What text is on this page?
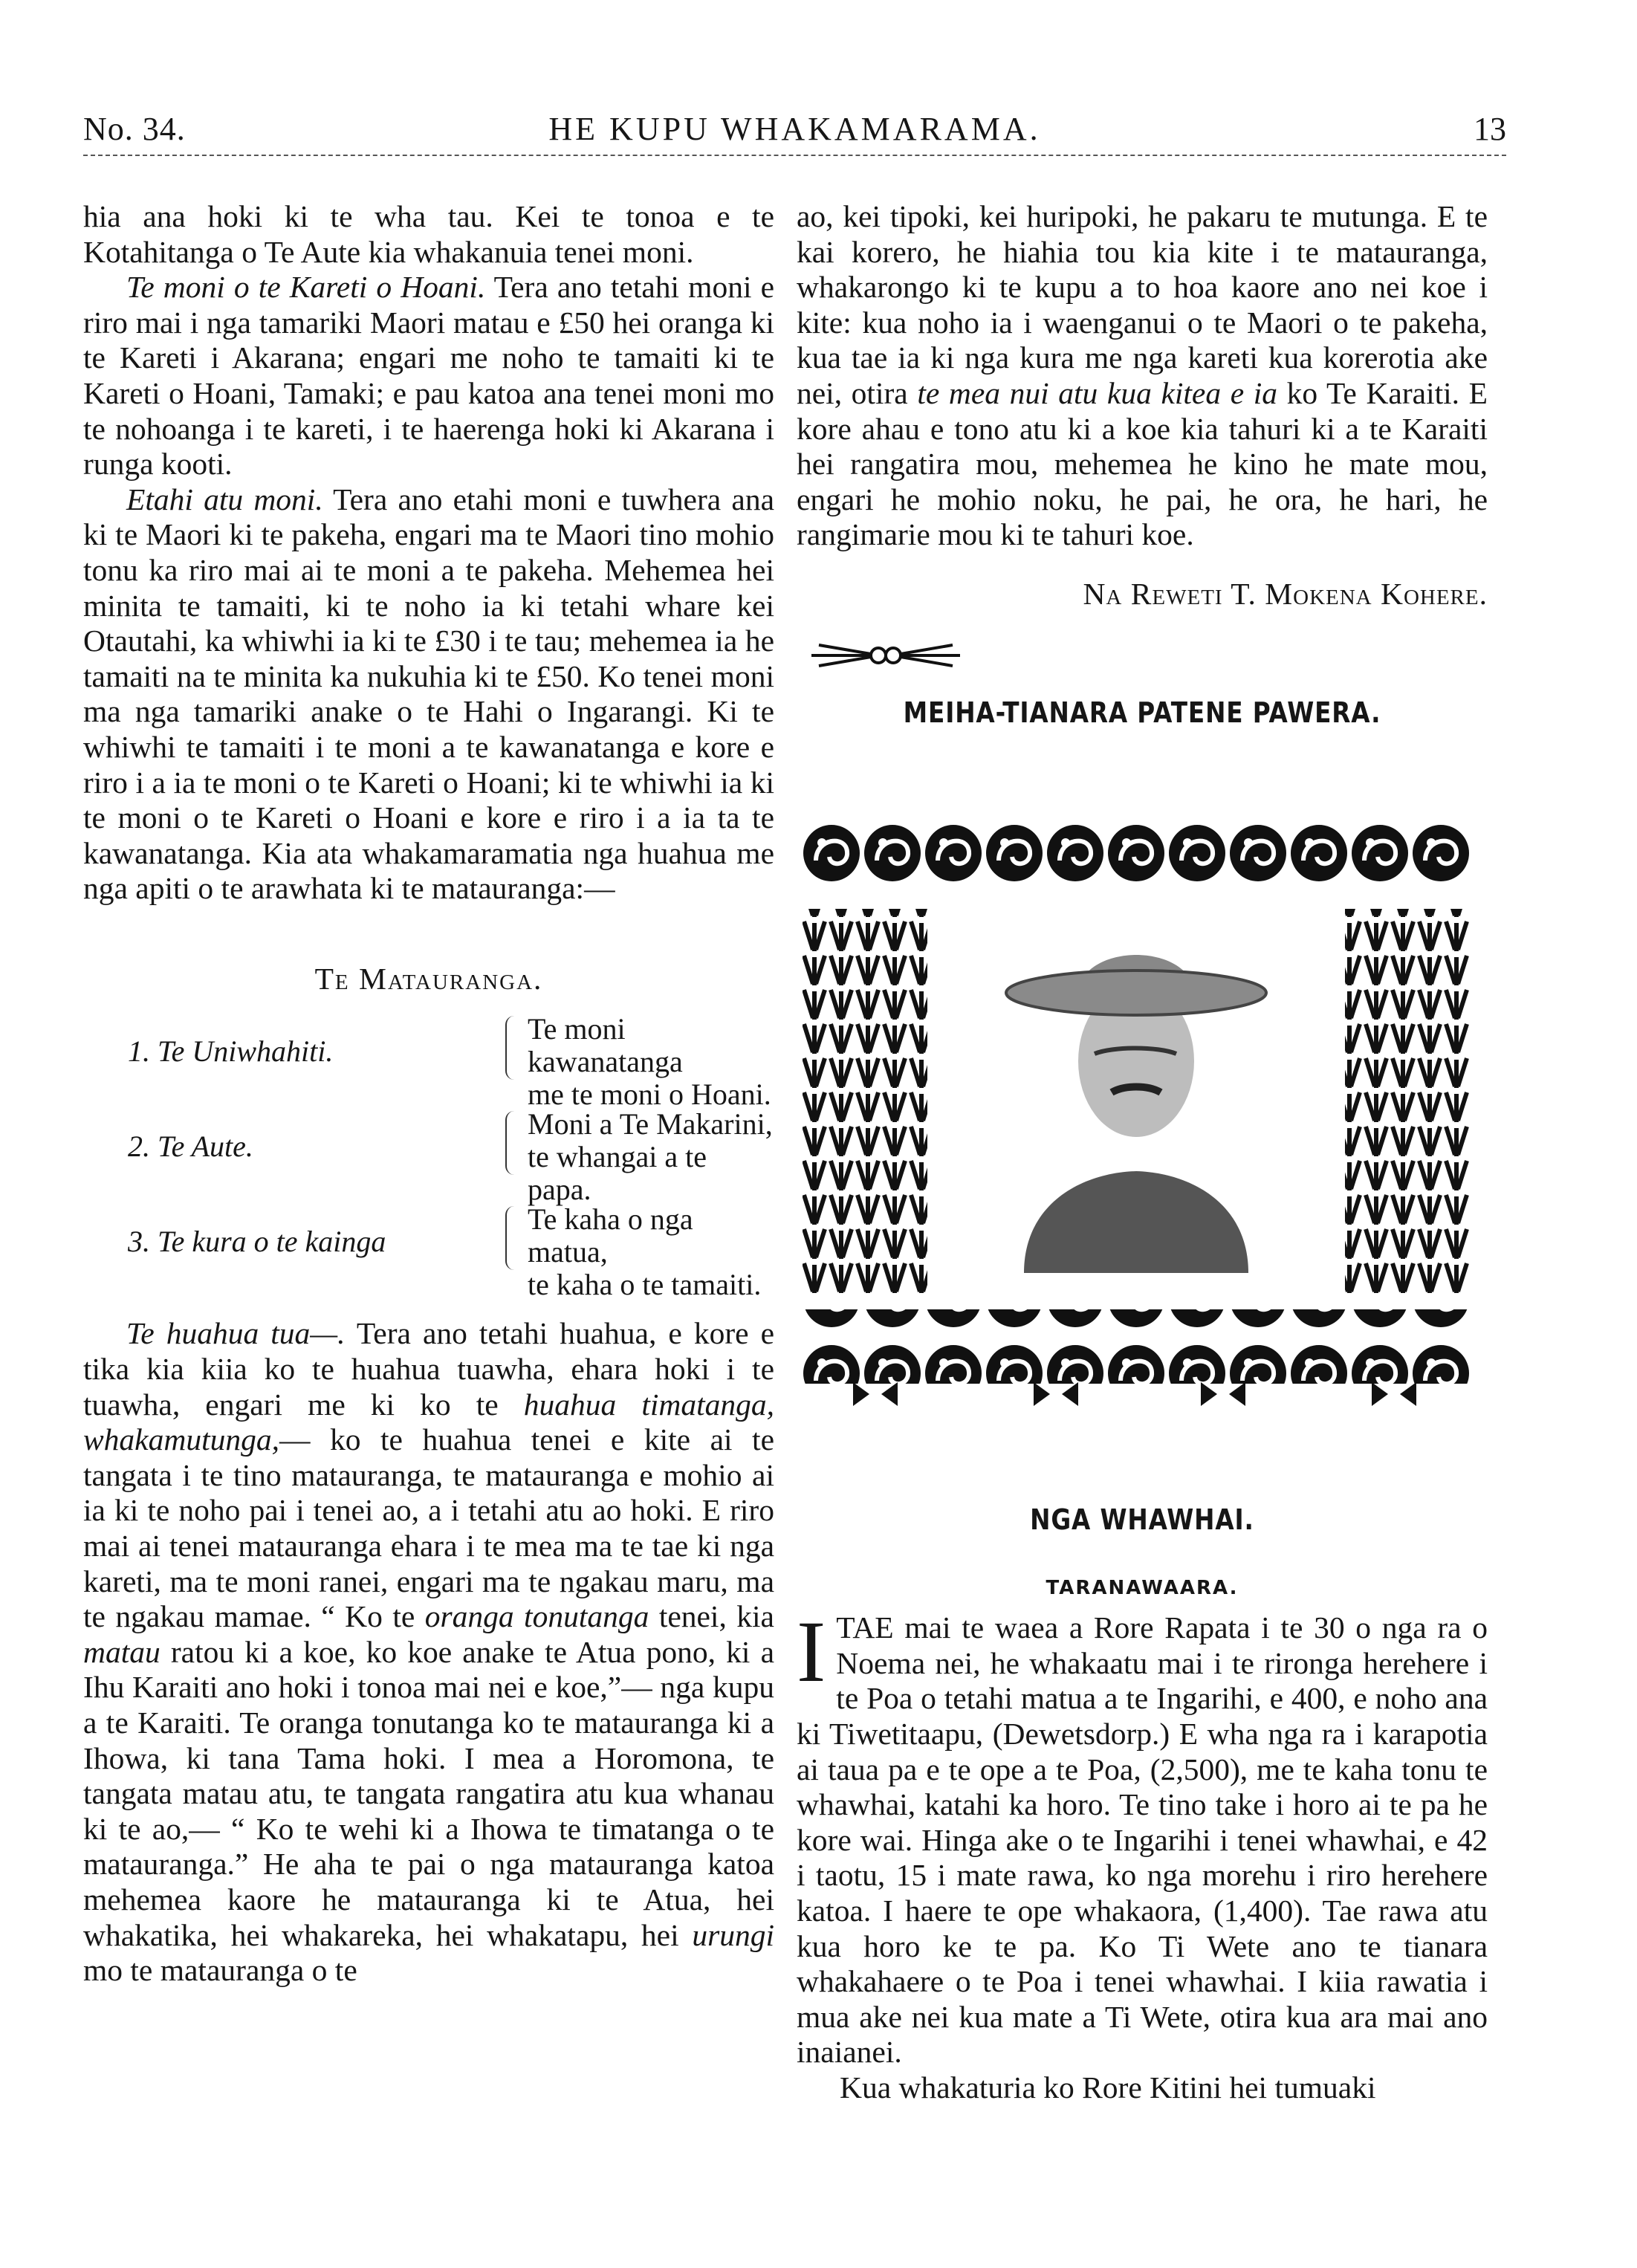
No. 34.	HE KUPU WHAKAMARAMA.	13

hia ana hoki ki te wha tau. Kei te tonoa e te Kotahitanga o Te Aute kia whakanuia tenei moni.

Te moni o te Kareti o Hoani. Tera ano tetahi moni e riro mai i nga tamariki Maori matau e £50 hei oranga ki te Kareti i Akarana; engari me noho te tamaiti ki te Kareti o Hoani, Tamaki; e pau katoa ana tenei moni mo te nohoanga i te kareti, i te haerenga hoki ki Akarana i runga kooti.

Etahi atu moni. Tera ano etahi moni e tuwhera ana ki te Maori ki te pakeha, engari ma te Maori tino mohio tonu ka riro mai ai te moni a te pakeha. Mehemea hei minita te tamaiti, ki te noho ia ki tetahi whare kei Otautahi, ka whiwhi ia ki te £30 i te tau; mehemea ia he tamaiti na te minita ka nukuhia ki te £50. Ko tenei moni ma nga tamariki anake o te Hahi o Ingarangi. Ki te whiwhi te tamaiti i te moni a te kawanatanga e kore e riro i a ia te moni o te Kareti o Hoani; ki te whiwhi ia ki te moni o te Kareti o Hoani e kore e riro i a ia ta te kawanatanga. Kia ata whakamaramatia nga huahua me nga apiti o te arawhata ki te matauranga:—

Te Matauranga.
1. Te Uniwhahiti.
Te moni kawanatanga
me te moni o Hoani.
2. Te Aute.
Moni a Te Makarini,
te whangai a te papa.
3. Te kura o te kainga
Te kaha o nga matua,
te kaha o te tamaiti.

Te huahua tua—. Tera ano tetahi huahua, e kore e tika kia kiia ko te huahua tuawha, ehara hoki i te tuawha, engari me ki ko te huahua timatanga, whakamutunga,— ko te huahua tenei e kite ai te tangata i te tino matauranga, te matauranga e mohio ai ia ki te noho pai i tenei ao, a i tetahi atu ao hoki. E riro mai ai tenei matauranga ehara i te mea ma te tae ki nga kareti, ma te moni ranei, engari ma te ngakau maru, ma te ngakau mamae. “ Ko te oranga tonutanga tenei, kia matau ratou ki a koe, ko koe anake te Atua pono, ki a Ihu Karaiti ano hoki i tonoa mai nei e koe,”— nga kupu a te Karaiti. Te oranga tonutanga ko te matauranga ki a Ihowa, ki tana Tama hoki. I mea a Horomona, te tangata matau atu, te tangata rangatira atu kua whanau ki te ao,— “ Ko te wehi ki a Ihowa te timatanga o te matauranga.” He aha te pai o nga matauranga katoa mehemea kaore he matauranga ki te Atua, hei whakatika, hei whakareka, hei whakatapu, hei urungi mo te matauranga o te

ao, kei tipoki, kei huripoki, he pakaru te mutunga. E te kai korero, he hiahia tou kia kite i te matauranga, whakarongo ki te kupu a to hoa kaore ano nei koe i kite: kua noho ia i waenganui o te Maori o te pakeha, kua tae ia ki nga kura me nga kareti kua korerotia ake nei, otira te mea nui atu kua kitea e ia ko Te Karaiti. E kore ahau e tono atu ki a koe kia tahuri ki a te Karaiti hei rangatira mou, mehemea he kino he mate mou, engari he mohio noku, he pai, he ora, he hari, he rangimarie mou ki te tahuri koe.

Na Reweti T. Mokena Kohere.
MEIHA-TIANARA PATENE PAWERA.
NGA WHAWHAI.
TARANAWAARA.

ITAE mai te waea a Rore Rapata i te 30 o nga ra o Noema nei, he whakaatu mai i te rironga herehere i te Poa o tetahi matua a te Ingarihi, e 400, e noho ana ki Tiwetitaapu, (Dewetsdorp.) E wha nga ra i karapotia ai taua pa e te ope a te Poa, (2,500), me te kaha tonu te whawhai, katahi ka horo. Te tino take i horo ai te pa he kore wai. Hinga ake o te Ingarihi i tenei whawhai, e 42 i taotu, 15 i mate rawa, ko nga morehu i riro herehere katoa. I haere te ope whakaora, (1,400). Tae rawa atu kua horo ke te pa. Ko Ti Wete ano te tianara whakahaere o te Poa i tenei whawhai. I kiia rawatia i mua ake nei kua mate a Ti Wete, otira kua ara mai ano inaianei.

Kua whakaturia ko Rore Kitini hei tumuaki
